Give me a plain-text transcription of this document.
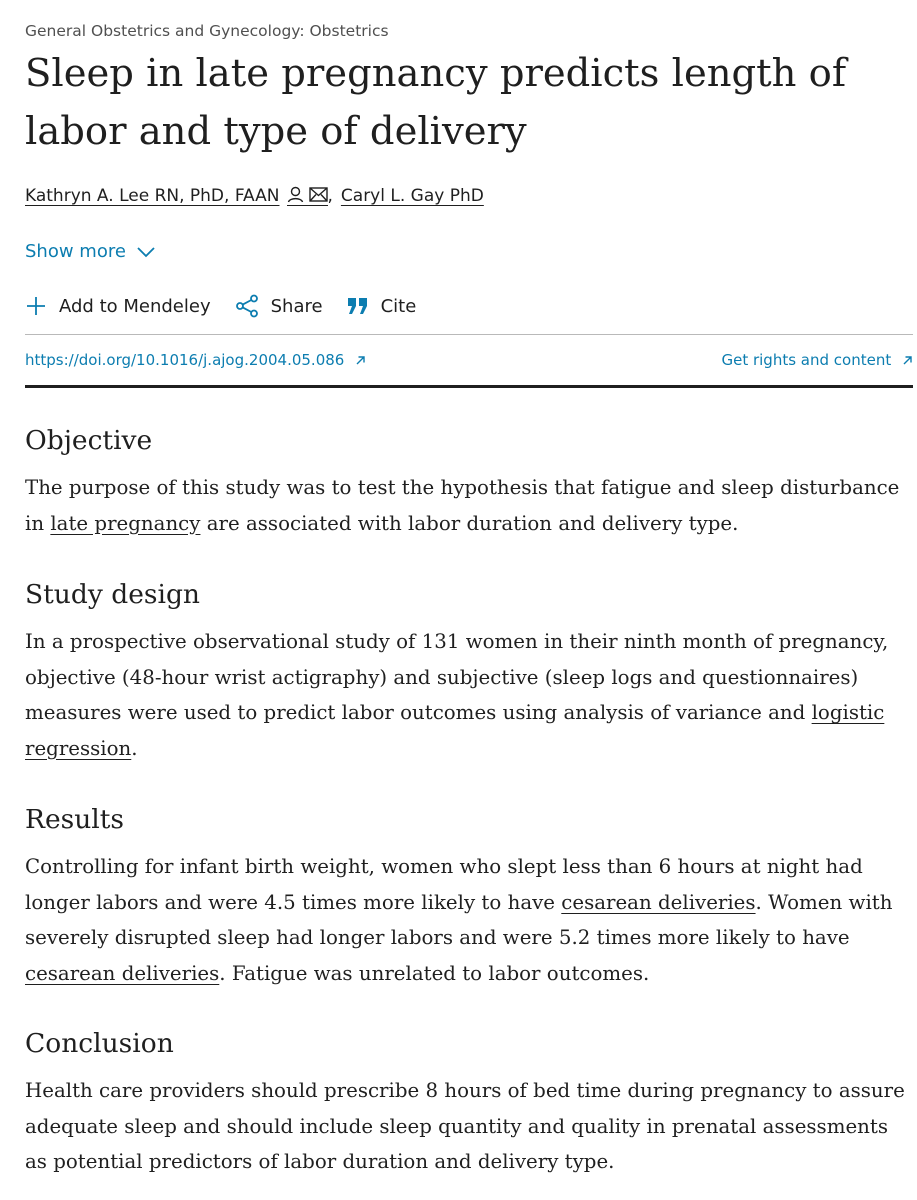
General Obstetrics and Gynecology: Obstetrics
Sleep in late pregnancy predicts length of labor and type of delivery
Kathryn A. Lee RN, PhD, FAAN	, Caryl L. Gay PhD
Show more
Add to Mendeley	Share	Cite
https://doi.org/10.1016/j.ajog.2004.05.086	Get rights and content
Objective

The purpose of this study was to test the hypothesis that fatigue and sleep disturbance in late pregnancy are associated with labor duration and delivery type.

Study design

In a prospective observational study of 131 women in their ninth month of pregnancy, objective (48-hour wrist actigraphy) and subjective (sleep logs and questionnaires) measures were used to predict labor outcomes using analysis of variance and logistic regression.

Results

Controlling for infant birth weight, women who slept less than 6 hours at night had longer labors and were 4.5 times more likely to have cesarean deliveries. Women with severely disrupted sleep had longer labors and were 5.2 times more likely to have cesarean deliveries. Fatigue was unrelated to labor outcomes.

Conclusion

Health care providers should prescribe 8 hours of bed time during pregnancy to assure adequate sleep and should include sleep quantity and quality in prenatal assessments as potential predictors of labor duration and delivery type.
